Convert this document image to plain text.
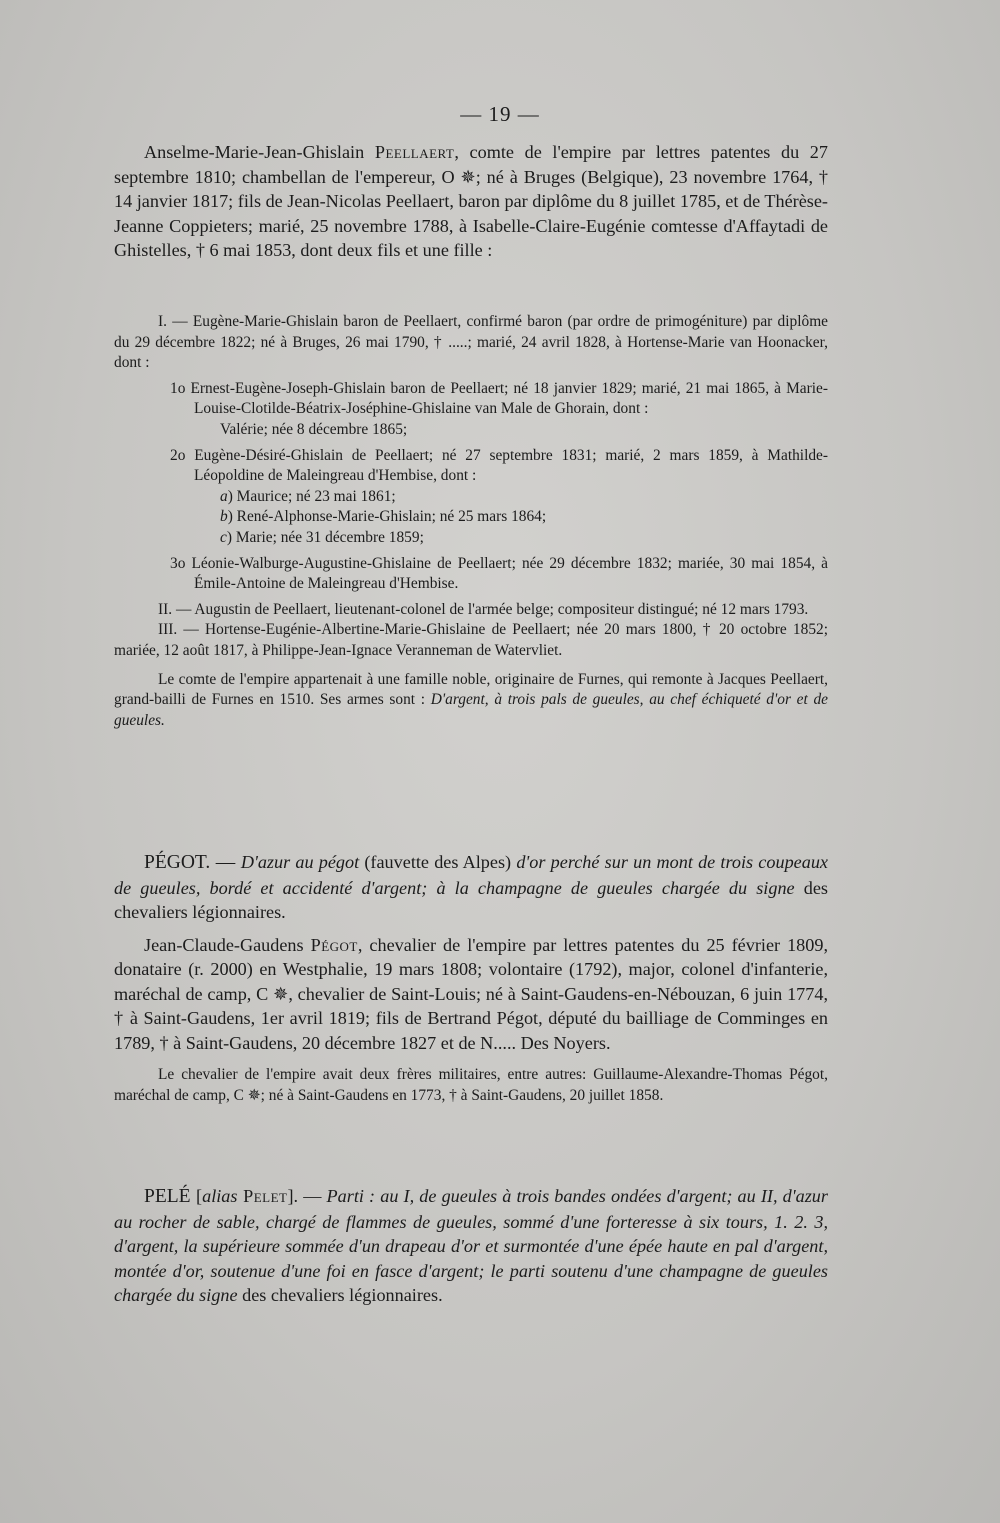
— 19 —

Anselme-Marie-Jean-Ghislain Peellaert, comte de l'empire par lettres patentes du 27 septembre 1810; chambellan de l'empereur, O ✵; né à Bruges (Belgique), 23 novembre 1764, † 14 janvier 1817; fils de Jean-Nicolas Peellaert, baron par diplôme du 8 juillet 1785, et de Thérèse-Jeanne Coppieters; marié, 25 novembre 1788, à Isabelle-Claire-Eugénie comtesse d'Affaytadi de Ghistelles, † 6 mai 1853, dont deux fils et une fille :

I. — Eugène-Marie-Ghislain baron de Peellaert, confirmé baron (par ordre de primogéniture) par diplôme du 29 décembre 1822; né à Bruges, 26 mai 1790, † .....; marié, 24 avril 1828, à Hortense-Marie van Hoonacker, dont :

1o Ernest-Eugène-Joseph-Ghislain baron de Peellaert; né 18 janvier 1829; marié, 21 mai 1865, à Marie-Louise-Clotilde-Béatrix-Joséphine-Ghislaine van Male de Ghorain, dont :

Valérie; née 8 décembre 1865;

2o Eugène-Désiré-Ghislain de Peellaert; né 27 septembre 1831; marié, 2 mars 1859, à Mathilde-Léopoldine de Maleingreau d'Hembise, dont :

a) Maurice; né 23 mai 1861;

b) René-Alphonse-Marie-Ghislain; né 25 mars 1864;

c) Marie; née 31 décembre 1859;

3o Léonie-Walburge-Augustine-Ghislaine de Peellaert; née 29 décembre 1832; mariée, 30 mai 1854, à Émile-Antoine de Maleingreau d'Hembise.

II. — Augustin de Peellaert, lieutenant-colonel de l'armée belge; compositeur distingué; né 12 mars 1793.

III. — Hortense-Eugénie-Albertine-Marie-Ghislaine de Peellaert; née 20 mars 1800, † 20 octobre 1852; mariée, 12 août 1817, à Philippe-Jean-Ignace Veranneman de Watervliet.

Le comte de l'empire appartenait à une famille noble, originaire de Furnes, qui remonte à Jacques Peellaert, grand-bailli de Furnes en 1510. Ses armes sont : D'argent, à trois pals de gueules, au chef échiqueté d'or et de gueules.

PÉGOT. — D'azur au pégot (fauvette des Alpes) d'or perché sur un mont de trois coupeaux de gueules, bordé et accidenté d'argent; à la champagne de gueules chargée du signe des chevaliers légionnaires.

Jean-Claude-Gaudens Pégot, chevalier de l'empire par lettres patentes du 25 février 1809, donataire (r. 2000) en Westphalie, 19 mars 1808; volontaire (1792), major, colonel d'infanterie, maréchal de camp, C ✵, chevalier de Saint-Louis; né à Saint-Gaudens-en-Nébouzan, 6 juin 1774, † à Saint-Gaudens, 1er avril 1819; fils de Bertrand Pégot, député du bailliage de Comminges en 1789, † à Saint-Gaudens, 20 décembre 1827 et de N..... Des Noyers.

Le chevalier de l'empire avait deux frères militaires, entre autres: Guillaume-Alexandre-Thomas Pégot, maréchal de camp, C ✵; né à Saint-Gaudens en 1773, † à Saint-Gaudens, 20 juillet 1858.

PELÉ [alias Pelet]. — Parti : au I, de gueules à trois bandes ondées d'argent; au II, d'azur au rocher de sable, chargé de flammes de gueules, sommé d'une forteresse à six tours, 1. 2. 3, d'argent, la supérieure sommée d'un drapeau d'or et surmontée d'une épée haute en pal d'argent, montée d'or, soutenue d'une foi en fasce d'argent; le parti soutenu d'une champagne de gueules chargée du signe des chevaliers légionnaires.
